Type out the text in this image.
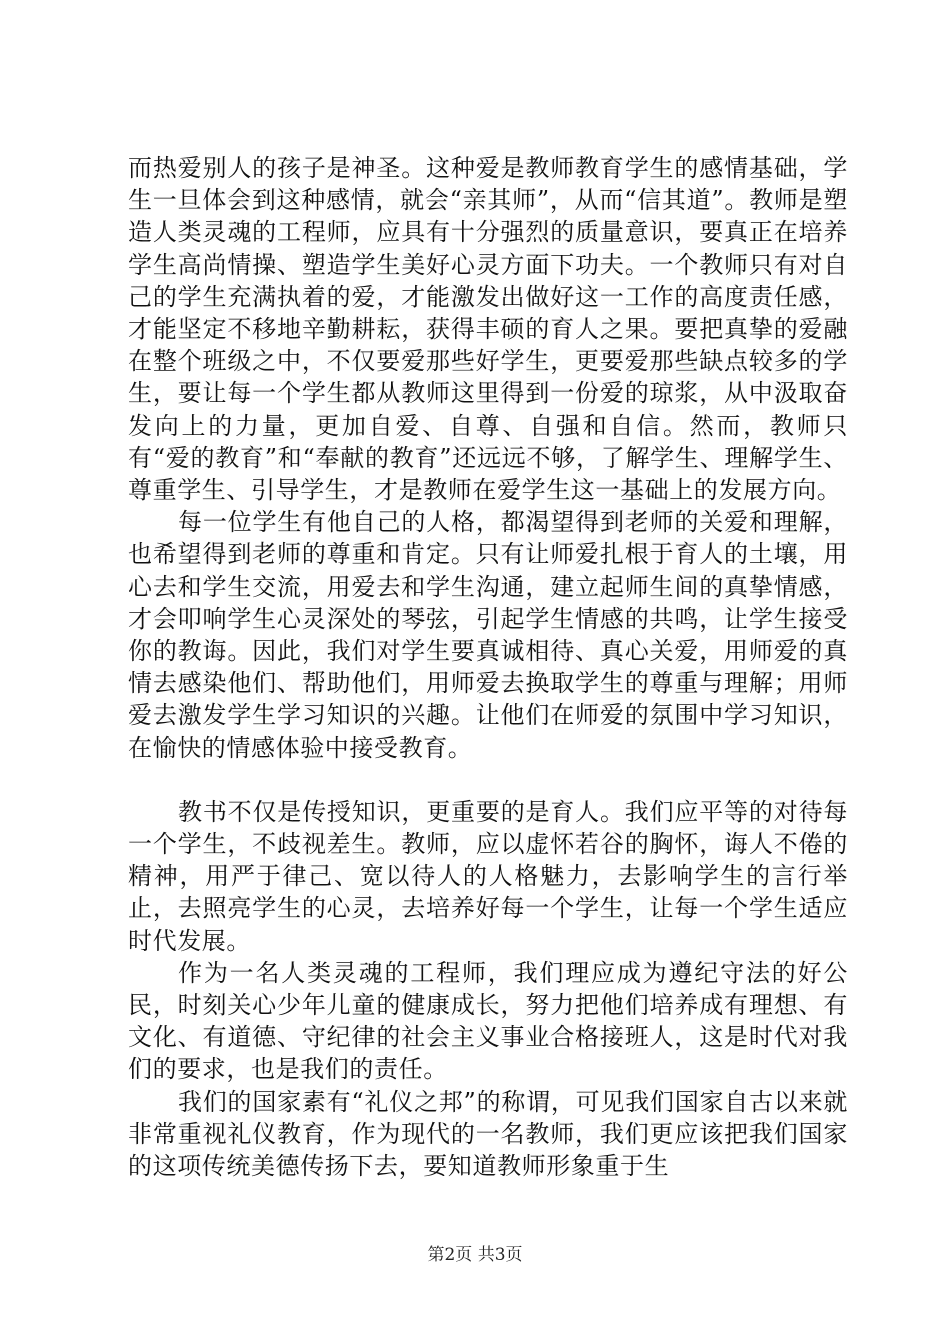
而热爱别人的孩子是神圣。这种爱是教师教育学生的感情基础，学生一旦体会到这种感情，就会“亲其师”，从而“信其道”。教师是塑造人类灵魂的工程师，应具有十分强烈的质量意识，要真正在培养学生高尚情操、塑造学生美好心灵方面下功夫。一个教师只有对自己的学生充满执着的爱，才能激发出做好这一工作的高度责任感，才能坚定不移地辛勤耕耘，获得丰硕的育人之果。要把真挚的爱融在整个班级之中，不仅要爱那些好学生，更要爱那些缺点较多的学生，要让每一个学生都从教师这里得到一份爱的琼浆，从中汲取奋发向上的力量，更加自爱、自尊、自强和自信。然而，教师只有“爱的教育”和“奉献的教育”还远远不够，了解学生、理解学生、尊重学生、引导学生，才是教师在爱学生这一基础上的发展方向。

每一位学生有他自己的人格，都渴望得到老师的关爱和理解，也希望得到老师的尊重和肯定。只有让师爱扎根于育人的土壤，用心去和学生交流，用爱去和学生沟通，建立起师生间的真挚情感，才会叩响学生心灵深处的琴弦，引起学生情感的共鸣，让学生接受你的教诲。因此，我们对学生要真诚相待、真心关爱，用师爱的真情去感染他们、帮助他们，用师爱去换取学生的尊重与理解；用师爱去激发学生学习知识的兴趣。让他们在师爱的氛围中学习知识，在愉快的情感体验中接受教育。

教书不仅是传授知识，更重要的是育人。我们应平等的对待每一个学生，不歧视差生。教师，应以虚怀若谷的胸怀，诲人不倦的精神，用严于律己、宽以待人的人格魅力，去影响学生的言行举止，去照亮学生的心灵，去培养好每一个学生，让每一个学生适应时代发展。

作为一名人类灵魂的工程师，我们理应成为遵纪守法的好公民，时刻关心少年儿童的健康成长，努力把他们培养成有理想、有文化、有道德、守纪律的社会主义事业合格接班人，这是时代对我们的要求，也是我们的责任。

我们的国家素有“礼仪之邦”的称谓，可见我们国家自古以来就非常重视礼仪教育，作为现代的一名教师，我们更应该把我们国家的这项传统美德传扬下去，要知道教师形象重于生

第2页 共3页
